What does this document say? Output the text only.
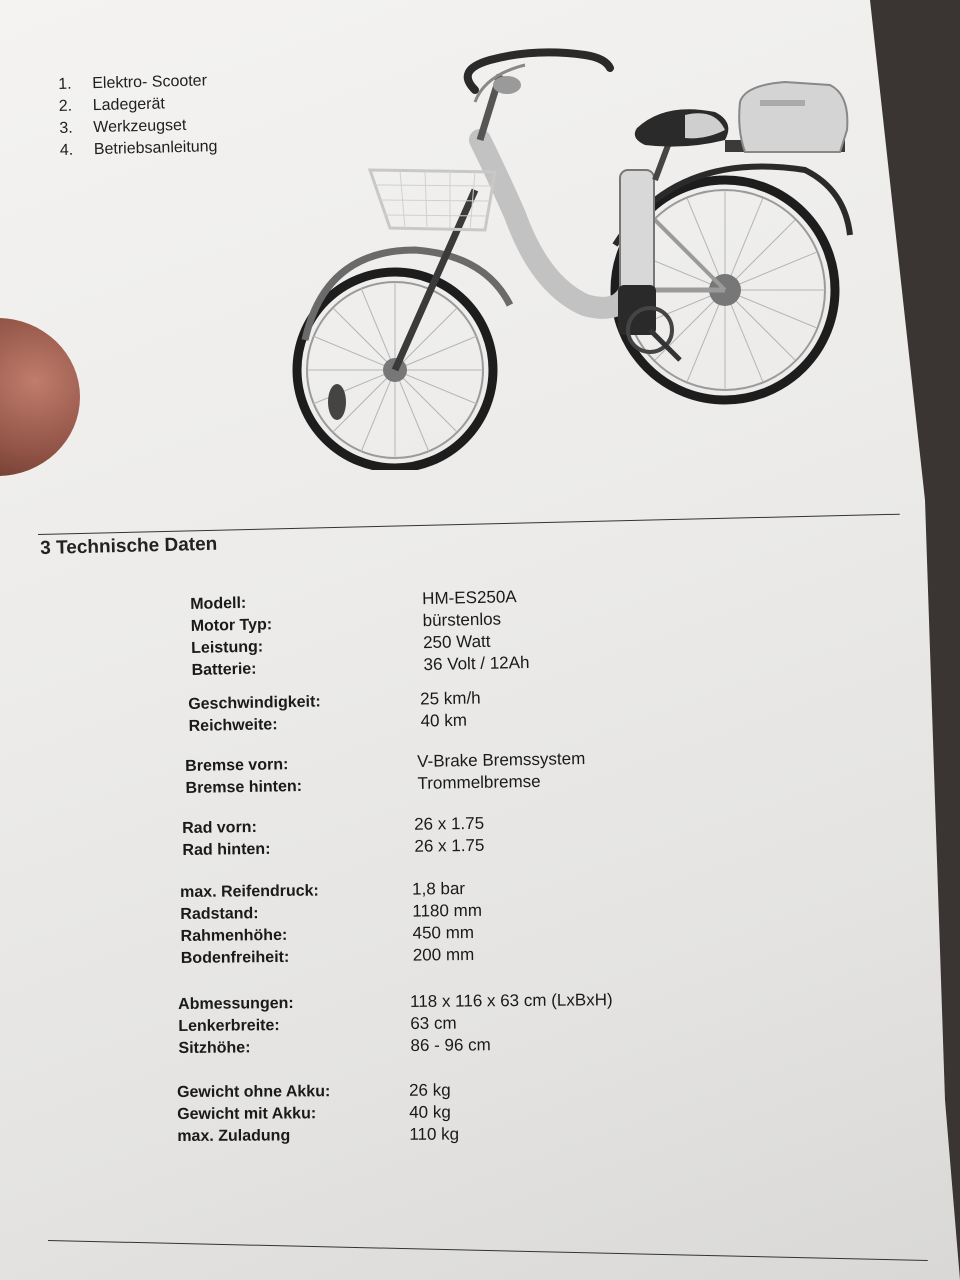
1.	Elektro- Scooter
2.	Ladegerät
3.	Werkzeugset
4.	Betriebsanleitung
3 Technische Daten
Modell:	HM-ES250A
Motor Typ:	bürstenlos
Leistung:	250 Watt
Batterie:	36 Volt / 12Ah
Geschwindigkeit:	25 km/h
Reichweite:	40 km
Bremse vorn:	V-Brake Bremssystem
Bremse hinten:	Trommelbremse
Rad vorn:	26 x 1.75
Rad hinten:	26 x 1.75
max. Reifendruck:	1,8 bar
Radstand:	1180 mm
Rahmenhöhe:	450 mm
Bodenfreiheit:	200 mm
Abmessungen:	118 x 116 x 63 cm (LxBxH)
Lenkerbreite:	63 cm
Sitzhöhe:	86 - 96 cm
Gewicht ohne Akku:	26 kg
Gewicht mit Akku:	40 kg
max. Zuladung	110 kg
